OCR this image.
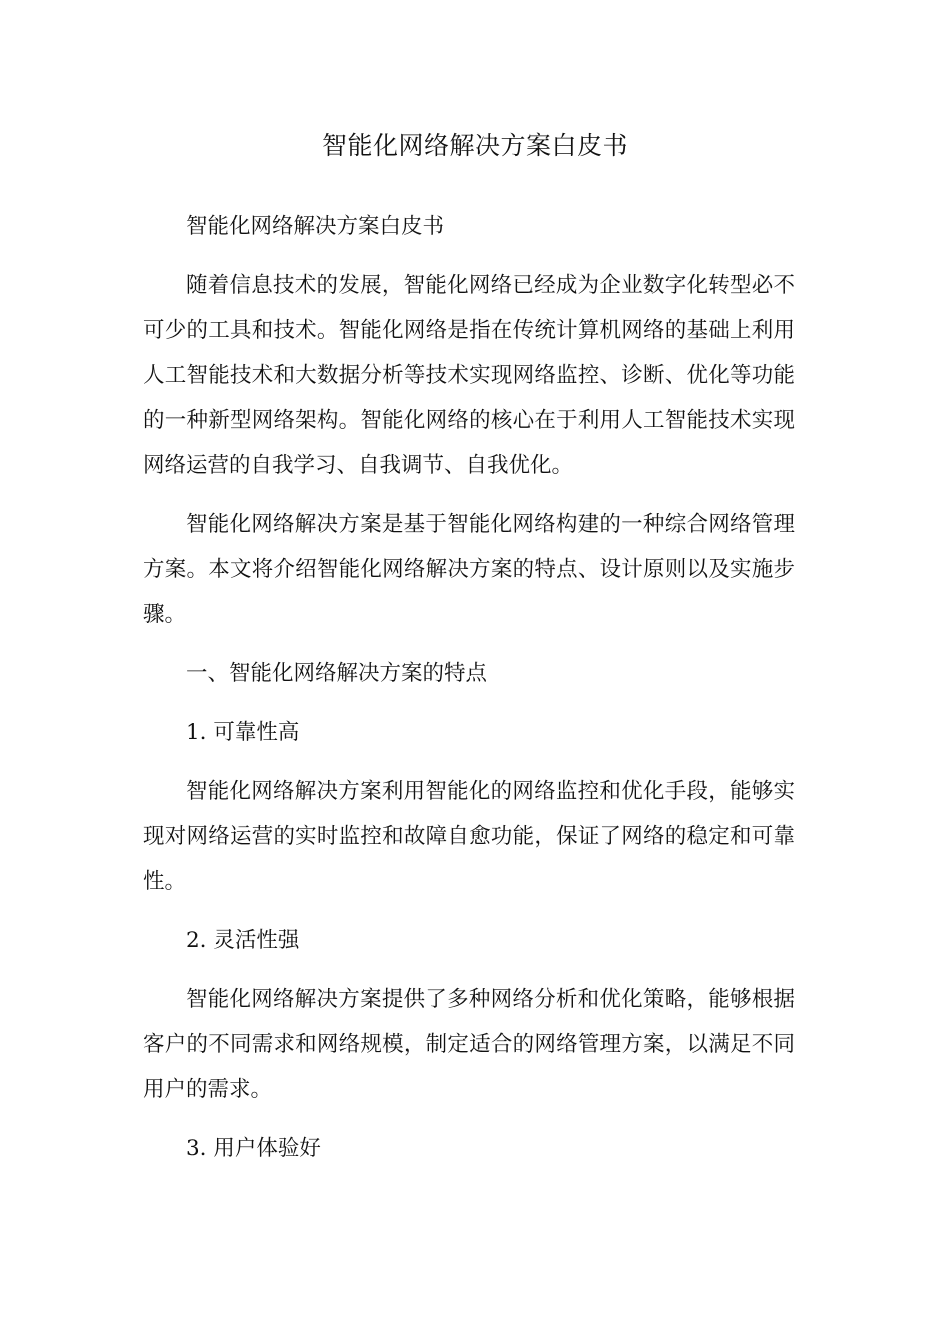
智能化网络解决方案白皮书

智能化网络解决方案白皮书

随着信息技术的发展，智能化网络已经成为企业数字化转型必不可少的工具和技术。智能化网络是指在传统计算机网络的基础上利用人工智能技术和大数据分析等技术实现网络监控、诊断、优化等功能的一种新型网络架构。智能化网络的核心在于利用人工智能技术实现网络运营的自我学习、自我调节、自我优化。

智能化网络解决方案是基于智能化网络构建的一种综合网络管理方案。本文将介绍智能化网络解决方案的特点、设计原则以及实施步骤。

一、智能化网络解决方案的特点

1. 可靠性高

智能化网络解决方案利用智能化的网络监控和优化手段，能够实现对网络运营的实时监控和故障自愈功能，保证了网络的稳定和可靠性。

2. 灵活性强

智能化网络解决方案提供了多种网络分析和优化策略，能够根据客户的不同需求和网络规模，制定适合的网络管理方案，以满足不同用户的需求。

3. 用户体验好
